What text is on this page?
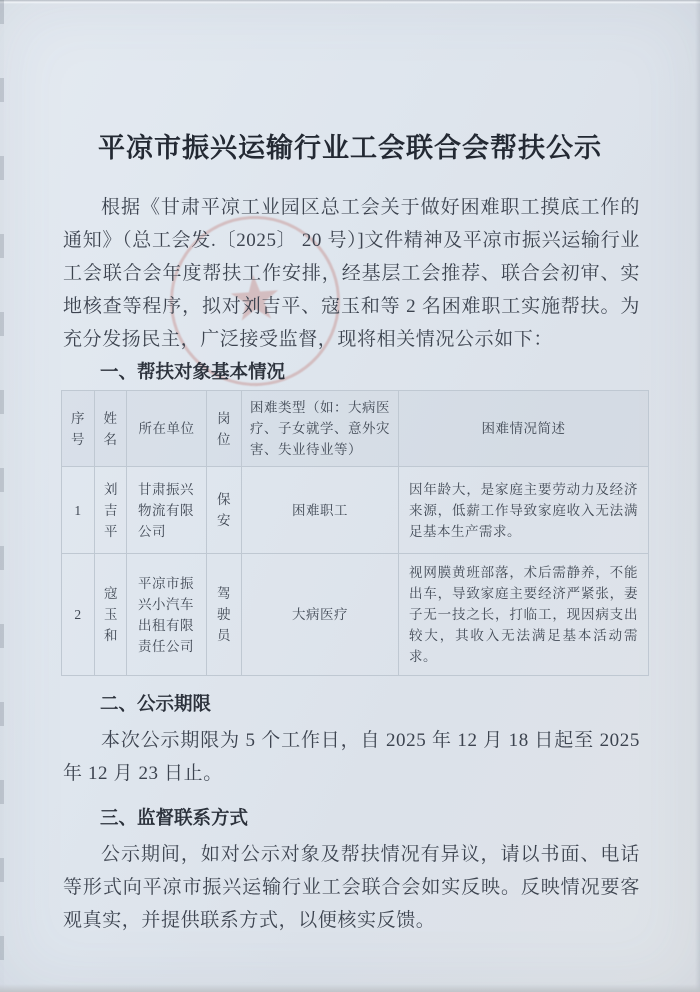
★
平凉市振兴运输行业工会联合会帮扶公示

根据《甘肃平凉工业园区总工会关于做好困难职工摸底工作的通知》（总工会发.〔2025〕 20 号）]文件精神及平凉市振兴运输行业工会联合会年度帮扶工作安排，经基层工会推荐、联合会初审、实地核查等程序，拟对刘吉平、寇玉和等 2 名困难职工实施帮扶。为充分发扬民主，广泛接受监督，现将相关情况公示如下：

一、帮扶对象基本情况
序号	姓名	所在单位	岗位	困难类型（如：大病医疗、子女就学、意外灾害、失业待业等）	困难情况简述
1	刘吉平	甘肃振兴物流有限公司	保安	困难职工	因年龄大，是家庭主要劳动力及经济来源，低薪工作导致家庭收入无法满足基本生产需求。
2	寇玉和	平凉市振兴小汽车出租有限责任公司	驾驶员	大病医疗	视网膜黄班部落，术后需静养，不能出车，导致家庭主要经济严紧张，妻子无一技之长，打临工，现因病支出较大，其收入无法满足基本活动需求。
二、公示期限

本次公示期限为 5 个工作日，自 2025 年 12 月 18 日起至 2025 年 12 月 23 日止。

三、监督联系方式

公示期间，如对公示对象及帮扶情况有异议，请以书面、电话等形式向平凉市振兴运输行业工会联合会如实反映。反映情况要客观真实，并提供联系方式，以便核实反馈。
